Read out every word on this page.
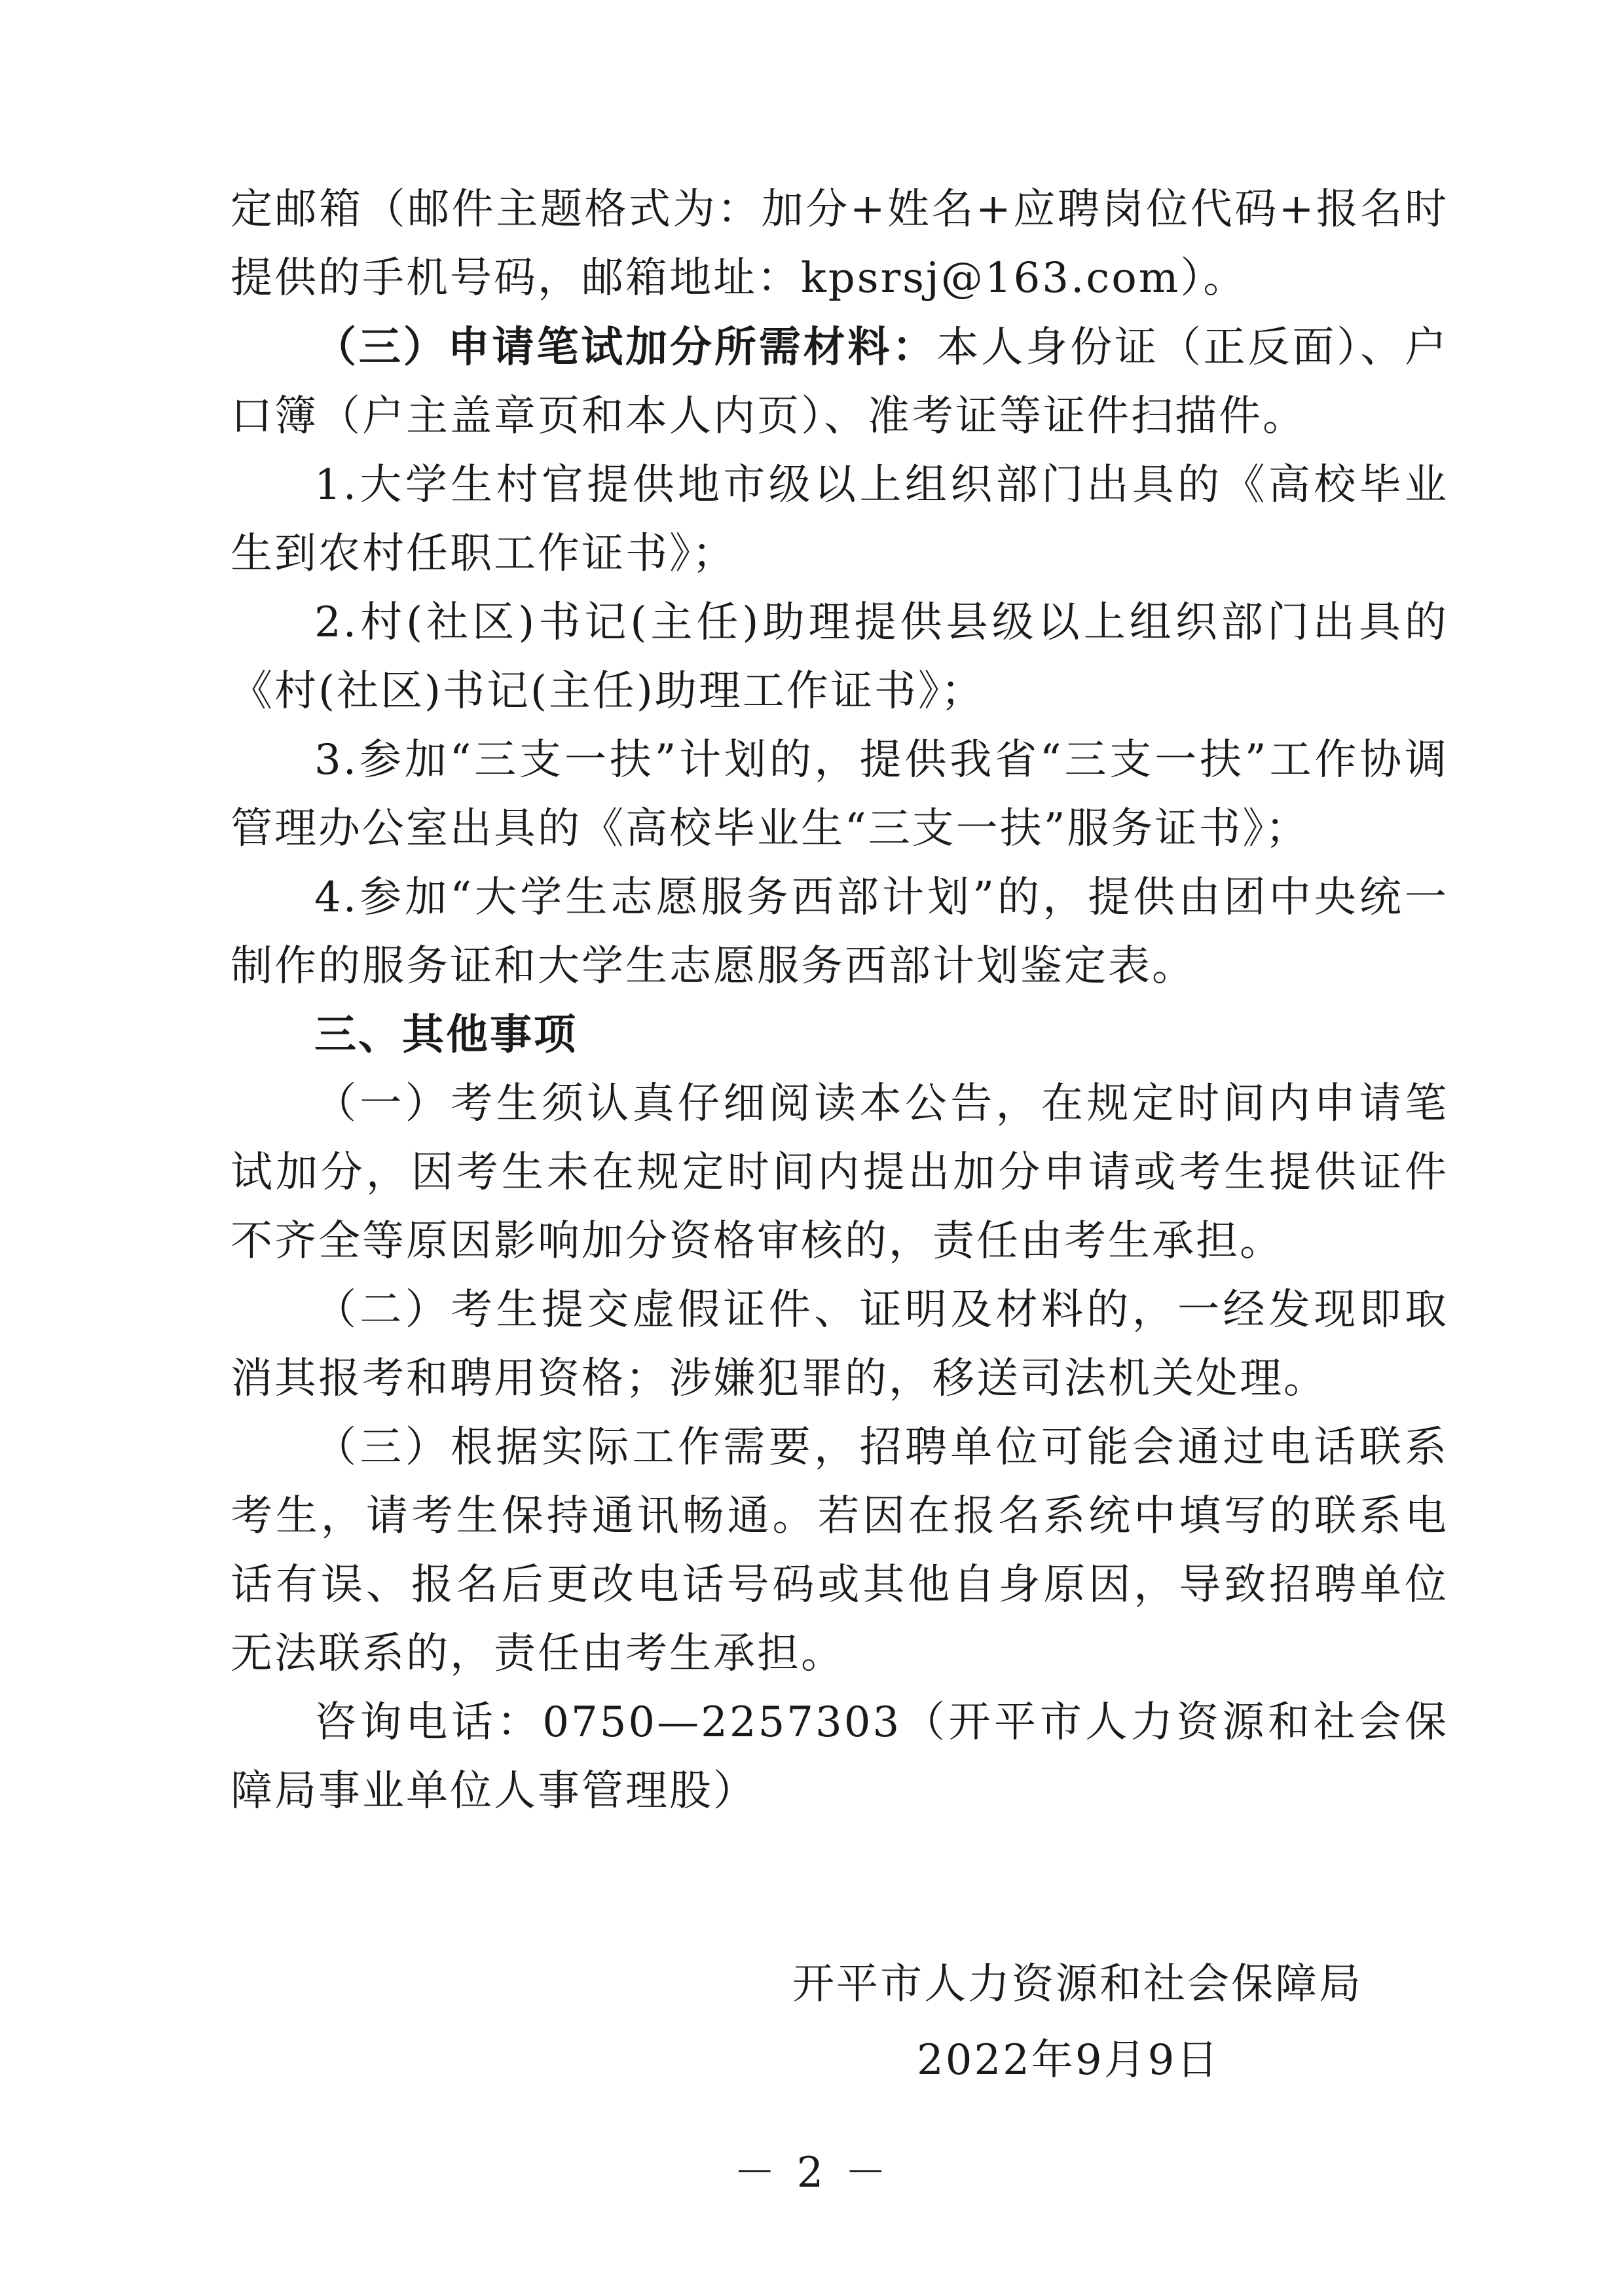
定邮箱（邮件主题格式为：加分+姓名+应聘岗位代码+报名时提供的手机号码，邮箱地址：kpsrsj@163.com）。

（三）申请笔试加分所需材料：本人身份证（正反面）、户口簿（户主盖章页和本人内页）、准考证等证件扫描件。

1.大学生村官提供地市级以上组织部门出具的《高校毕业生到农村任职工作证书》；

2.村(社区)书记(主任)助理提供县级以上组织部门出具的《村(社区)书记(主任)助理工作证书》；

3.参加“三支一扶”计划的，提供我省“三支一扶”工作协调管理办公室出具的《高校毕业生“三支一扶”服务证书》；

4.参加“大学生志愿服务西部计划”的，提供由团中央统一制作的服务证和大学生志愿服务西部计划鉴定表。

三、其他事项

（一）考生须认真仔细阅读本公告，在规定时间内申请笔试加分，因考生未在规定时间内提出加分申请或考生提供证件不齐全等原因影响加分资格审核的，责任由考生承担。

（二）考生提交虚假证件、证明及材料的，一经发现即取消其报考和聘用资格；涉嫌犯罪的，移送司法机关处理。

（三）根据实际工作需要，招聘单位可能会通过电话联系考生，请考生保持通讯畅通。若因在报名系统中填写的联系电话有误、报名后更改电话号码或其他自身原因，导致招聘单位无法联系的，责任由考生承担。

咨询电话：0750—2257303（开平市人力资源和社会保障局事业单位人事管理股）

开平市人力资源和社会保障局
2022年9月9日
－ 2 －
